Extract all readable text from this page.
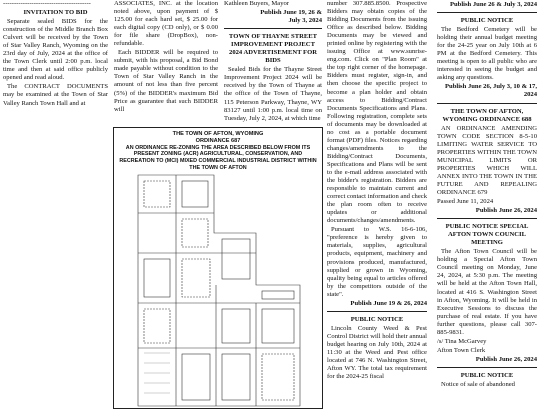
----------------------------------------

INVITATION TO BID

Separate sealed BIDS for the construction of the Middle Branch Box Culvert will be received by the Town of Star Valley Ranch, Wyoming on the 23rd day of July, 2024 at the office of the Town Clerk until 2:00 p.m. local time and then at said office publicly opened and read aloud.

The CONTRACT DOCUMENTS may be examined at the Town of Star Valley Ranch Town Hall and at

ASSOCIATES, INC. at the location noted above, upon payment of $ 125.00 for each hard set, $ 25.00 for each digital copy (CD only), or $ 0.00 for file share (DropBox), non-refundable.

Each BIDDER will be required to submit, with his proposal, a Bid Bond made payable without condition to the Town of Star Valley Ranch in the amount of not less than five percent (5%) of the BIDDER's maximum Bid Price as guarantee that such BIDDER will

Kathleen Buyers, Mayor

Publish June 19, 26 & July 3, 2024
TOWN OF THAYNE STREET IMPROVEMENT PROJECT 2024 ADVERTISEMENT FOR BIDS

Sealed Bids for the Thayne Street Improvement Project 2024 will be received by the Town of Thayne at the office of the Town of Thayne, 115 Peterson Parkway, Thayne, WY 83127 until 1:00 p.m. local time on Tuesday, July 2, 2024, at which time

number 307.885.8500. Prospective Bidders may obtain copies of the Bidding Documents from the issuing Office as described below. Bidding Documents may be viewed and printed online by registering with the issuing Office at www.sunrise-eng.com. Click on "Plan Room" at the top right corner of the homepage. Bidders must register, sign-in, and then choose the specific project to become a plan holder and obtain access to Bidding/Contract Documents Specifications and Plans. Following registration, complete sets of documents may be downloaded at no cost as a portable document format (PDF) files. Notices regarding changes/amendments to the Bidding/Contract Documents, Specifications and Plans will be sent to the e-mail address associated with the bidder's registration. Bidders are responsible to maintain current and correct contact information and check the plan room often to receive updates or additional documents/changes/amendments.

Pursuant to W.S. 16-6-106, "preference is hereby given to materials, supplies, agricultural products, equipment, machinery and provisions produced, manufactured, supplied or grown in Wyoming, quality being equal to articles offered by the competitors outside of the state".

Publish June 19 & 26, 2024
PUBLIC NOTICE

Lincoln County Weed & Pest Control District will hold their annual budget hearing on July 10th, 2024 at 11:30 at the Weed and Pest office located at 746 N. Washington Street, Afton WY. The total tax requirement for the 2024-25 fiscal

Publish June 26 & July 3, 2024
PUBLIC NOTICE

The Bedford Cemetery will be holding their annual budget meeting for the 24-25 year on July 10th at 6 PM at the Bedford Cemetery. This meeting is open to all public who are interested in seeing the budget and asking any questions.

Publish June 26, July 3, 10 & 17, 2024
THE TOWN OF AFTON, WYOMING ORDINANCE 688

AN ORDINANCE AMENDING TOWN CODE SECTION 8-5-10 LIMITING WATER SERVICE TO PROPERTIES WITHIN THE TOWN MUNICIPAL LIMITS OR PROPERTIES WHICH WILL ANNEX INTO THE TOWN IN THE FUTURE AND REPEALING ORDINANCE 679

Passed June 11, 2024

Publish June 26, 2024
PUBLIC NOTICE SPECIAL AFTON TOWN COUNCIL MEETING

The Afton Town Council will be holding a Special Afton Town Council meeting on Monday, June 24, 2024, at 5:30 p.m. The meeting will be held at the Afton Town Hall, located at 416 S. Washington Street in Afton, Wyoming. It will be held in Executive Sessions to discuss the purchase of real estate. If you have further questions, please call 307-885-9831.

/s/ Tina McGarvey

Afton Town Clerk

Publish June 26, 2024
PUBLIC NOTICE

Notice of sale of abandoned

THE TOWN OF AFTON, WYOMING
ORDINANCE 687
AN ORDINANCE RE-ZONING THE AREA DESCRIBED BELOW FROM ITS PRESENT ZONING (ACR) AGRICULTURAL, CONSERVATION, AND RECREATION TO (MCI) MIXED COMMERCIAL INDUSTRIAL DISTRICT WITHIN THE TOWN OF AFTON
